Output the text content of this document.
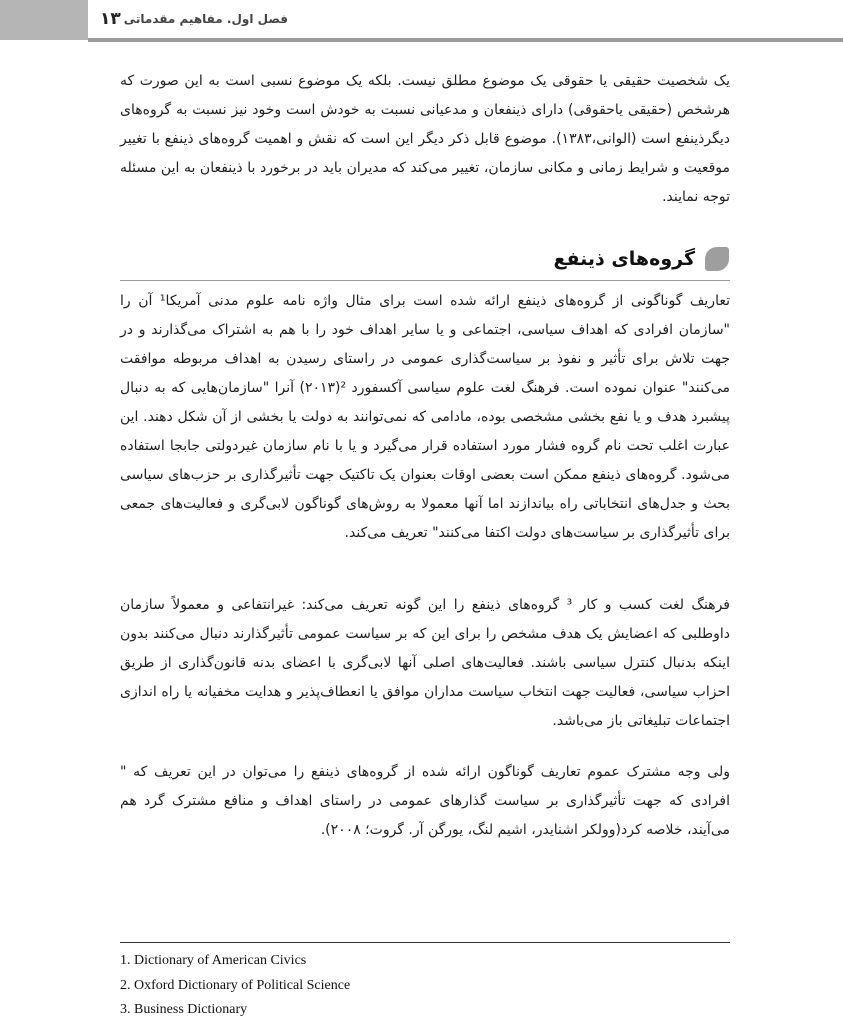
۱۳ فصل اول. مفاهیم مقدماتی

یک شخصیت حقیقی یا حقوقی یک موضوع مطلق نیست. بلکه یک موضوع نسبی است به این صورت که هرشخص (حقیقی یاحقوقی) دارای ذینفعان و مدعیانی نسبت به خودش است وخود نیز نسبت به گروه‌های دیگرذینفع است (الوانی،۱۳۸۳). موضوع قابل ذکر دیگر این است که نقش و اهمیت گروه‌های ذینفع با تغییر موقعیت و شرایط زمانی و مکانی سازمان، تغییر می‌کند که مدیران باید در برخورد با ذینفعان به این مسئله توجه نمایند.

گروه‌های ذینفع

تعاریف گوناگونی از گروه‌های ذینفع ارائه شده است برای مثال واژه نامه علوم مدنی آمریکا¹ آن را "سازمان افرادی که اهداف سیاسی، اجتماعی و یا سایر اهداف خود را با هم به اشتراک می‌گذارند و در جهت تلاش برای تأثیر و نفوذ بر سیاست‌گذاری عمومی در راستای رسیدن به اهداف مربوطه موافقت می‌کنند" عنوان نموده است. فرهنگ لغت علوم سیاسی آکسفورد ²(۲۰۱۳) آنرا "سازمان‌هایی که به دنبال پیشبرد هدف و یا نفع بخشی مشخصی بوده، مادامی که نمی‌توانند به دولت یا بخشی از آن شکل دهند. این عبارت اغلب تحت نام گروه فشار مورد استفاده قرار می‌گیرد و یا با نام سازمان غیردولتی جابجا استفاده می‌شود. گروه‌های ذینفع ممکن است بعضی اوقات بعنوان یک تاکتیک جهت تأثیرگذاری بر حزب‌های سیاسی بحث و جدل‌های انتخاباتی راه بیاندازند اما آنها معمولا به روش‌های گوناگون لابی‌گری و فعالیت‌های جمعی برای تأثیرگذاری بر سیاست‌های دولت اکتفا می‌کنند" تعریف می‌کند.

فرهنگ لغت کسب و کار ³ گروه‌های ذینفع را این گونه تعریف می‌کند: غیرانتفاعی و معمولاً سازمان داوطلبی که اعضایش یک هدف مشخص را برای این که بر سیاست عمومی تأثیرگذارند دنبال می‌کنند بدون اینکه بدنبال کنترل سیاسی باشند. فعالیت‌های اصلی آنها لابی‌گری با اعضای بدنه قانون‌گذاری از طریق احزاب سیاسی، فعالیت جهت انتخاب سیاست مداران موافق یا انعطاف‌پذیر و هدایت مخفیانه یا راه اندازی اجتماعات تبلیغاتی باز می‌باشد.

ولی وجه مشترک عموم تعاریف گوناگون ارائه شده از گروه‌های ذینفع را می‌توان در این تعریف که " افرادی که جهت تأثیرگذاری بر سیاست گذارهای عمومی در راستای اهداف و منافع مشترک گرد هم می‌آیند، خلاصه کرد(وولکر اشنایدر، اشیم لنگ، یورگن آر. گروت؛ ۲۰۰۸).

1. Dictionary of American Civics
2. Oxford Dictionary of Political Science
3. Business Dictionary
